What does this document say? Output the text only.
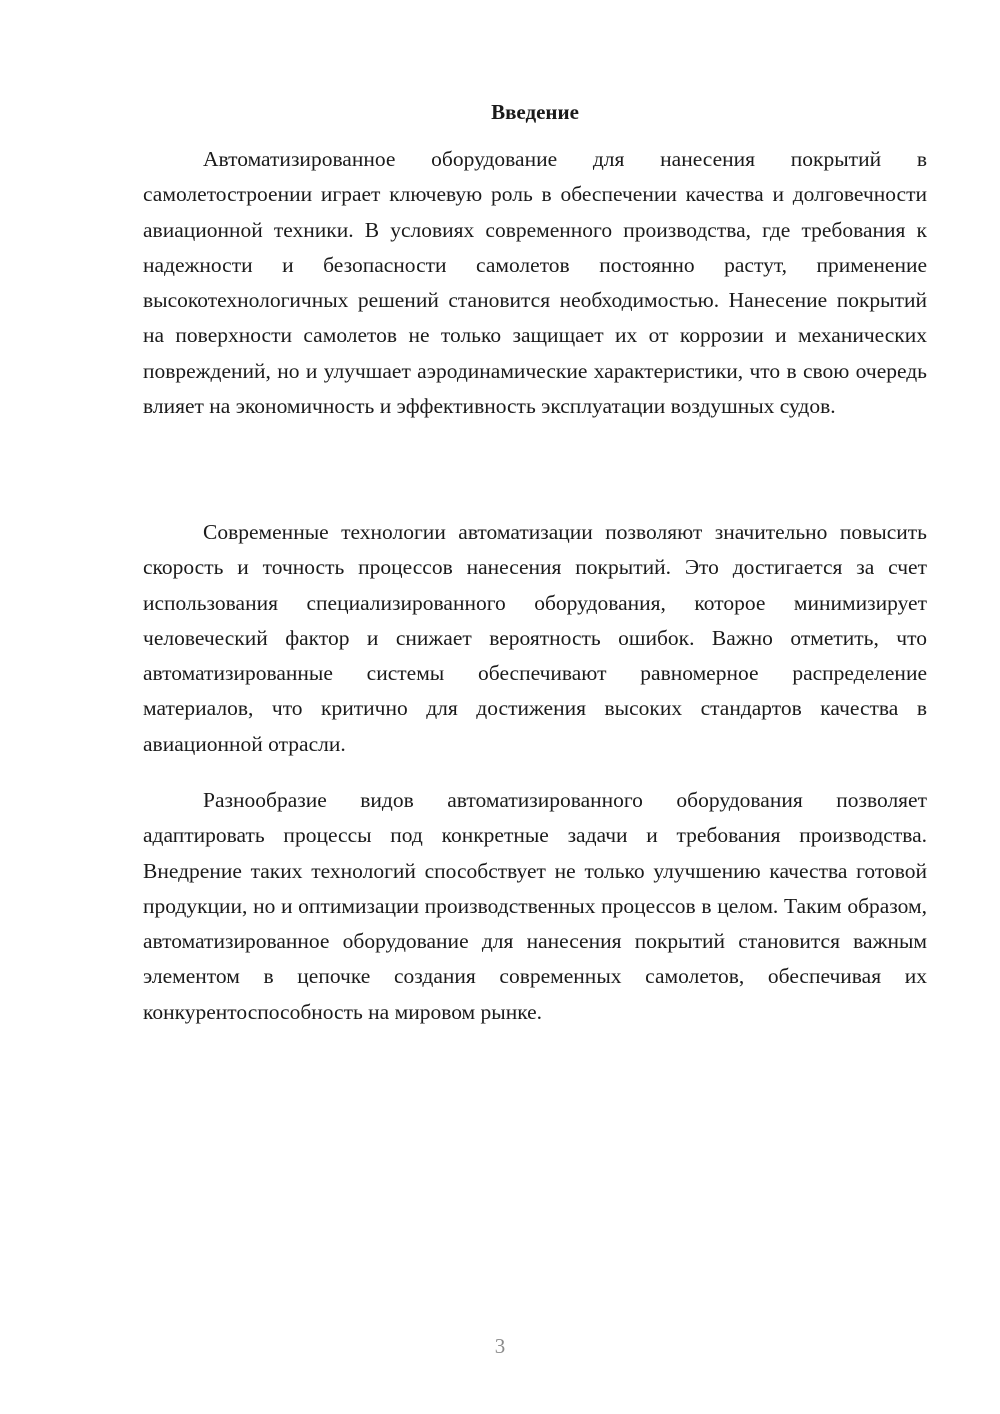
Введение

Автоматизированное оборудование для нанесения покрытий в самолетостроении играет ключевую роль в обеспечении качества и долговечности авиационной техники. В условиях современного производства, где требования к надежности и безопасности самолетов постоянно растут, применение высокотехнологичных решений становится необходимостью. Нанесение покрытий на поверхности самолетов не только защищает их от коррозии и механических повреждений, но и улучшает аэродинамические характеристики, что в свою очередь влияет на экономичность и эффективность эксплуатации воздушных судов.

Современные технологии автоматизации позволяют значительно повысить скорость и точность процессов нанесения покрытий. Это достигается за счет использования специализированного оборудования, которое минимизирует человеческий фактор и снижает вероятность ошибок. Важно отметить, что автоматизированные системы обеспечивают равномерное распределение материалов, что критично для достижения высоких стандартов качества в авиационной отрасли.

Разнообразие видов автоматизированного оборудования позволяет адаптировать процессы под конкретные задачи и требования производства. Внедрение таких технологий способствует не только улучшению качества готовой продукции, но и оптимизации производственных процессов в целом. Таким образом, автоматизированное оборудование для нанесения покрытий становится важным элементом в цепочке создания современных самолетов, обеспечивая их конкурентоспособность на мировом рынке.

3
